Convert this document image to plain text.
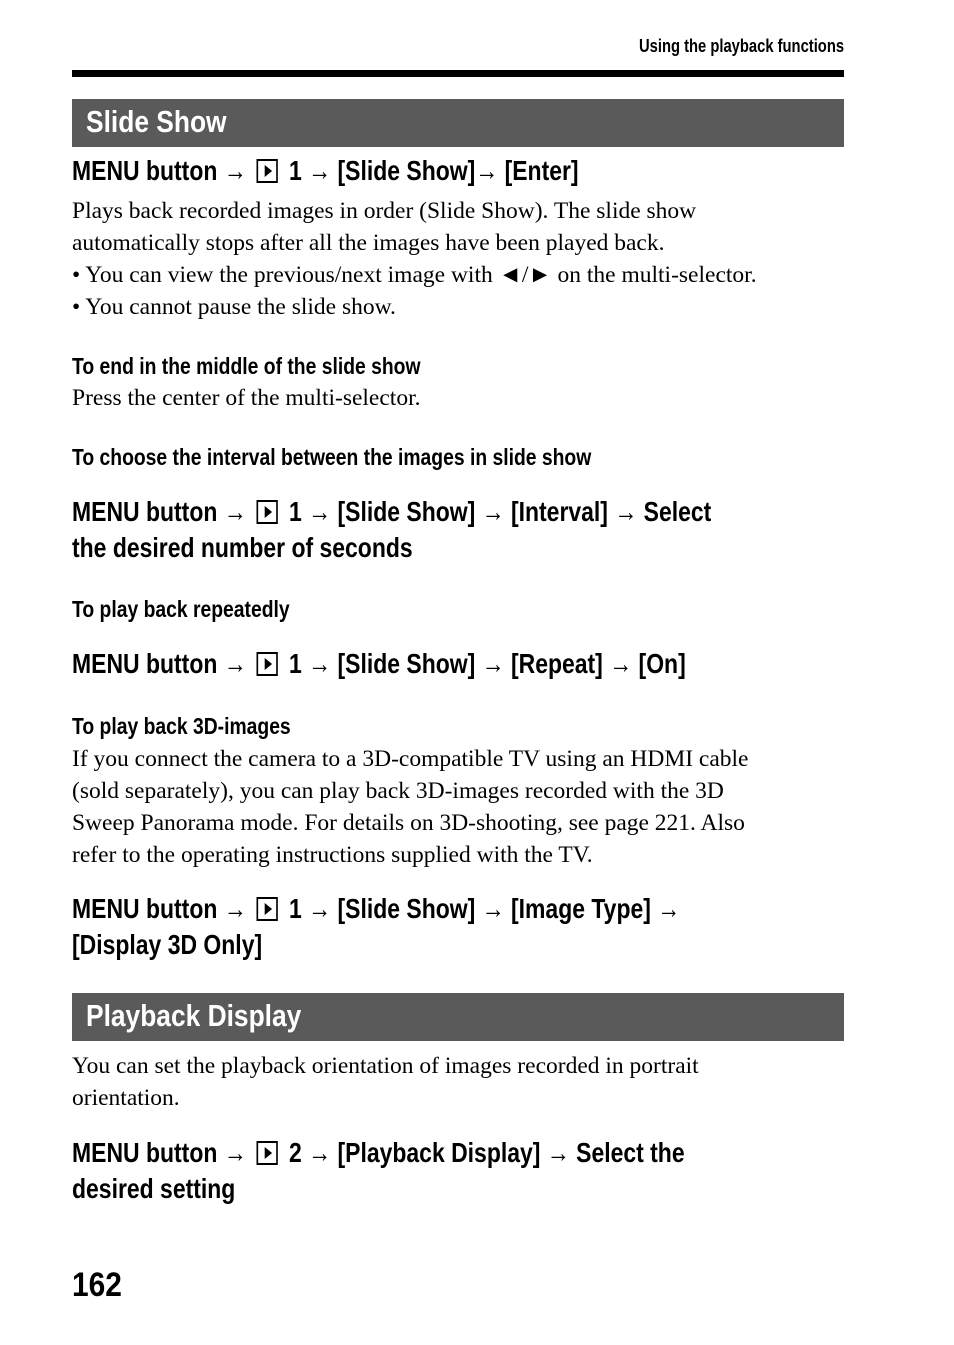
Using the playback functions
Slide Show
MENU button → 1 → [Slide Show]→ [Enter]

Plays back recorded images in order (Slide Show). The slide show

automatically stops after all the images have been played back.

• You can view the previous/next image with ◄/► on the multi-selector.
• You cannot pause the slide show.
To end in the middle of the slide show

Press the center of the multi-selector.

To choose the interval between the images in slide show
MENU button → 1 → [Slide Show] → [Interval] → Select
the desired number of seconds
To play back repeatedly
MENU button → 1 → [Slide Show] → [Repeat] → [On]
To play back 3D-images

If you connect the camera to a 3D-compatible TV using an HDMI cable

(sold separately), you can play back 3D-images recorded with the 3D

Sweep Panorama mode. For details on 3D-shooting, see page 221. Also

refer to the operating instructions supplied with the TV.

MENU button → 1 → [Slide Show] → [Image Type] →
[Display 3D Only]
Playback Display

You can set the playback orientation of images recorded in portrait

orientation.

MENU button → 2 → [Playback Display] → Select the
desired setting
162
